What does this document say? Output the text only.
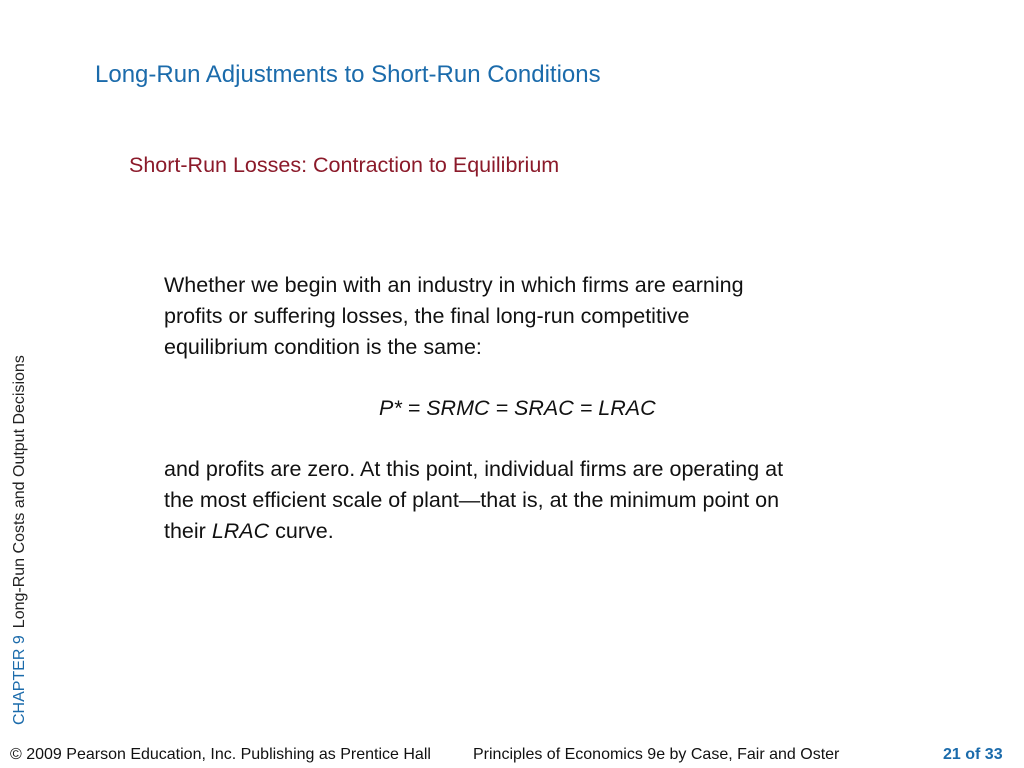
Long-Run Adjustments to Short-Run Conditions
Short-Run Losses: Contraction to Equilibrium
CHAPTER 9Long-Run Costs and Output Decisions

Whether we begin with an industry in which firms are earning
profits or suffering losses, the final long-run competitive
equilibrium condition is the same:

P* = SRMC = SRAC = LRAC

and profits are zero. At this point, individual firms are operating at
the most efficient scale of plant—that is, at the minimum point on
their LRAC curve.

© 2009 Pearson Education, Inc. Publishing as Prentice Hall	Principles of Economics 9e by Case, Fair and Oster	21 of 33
